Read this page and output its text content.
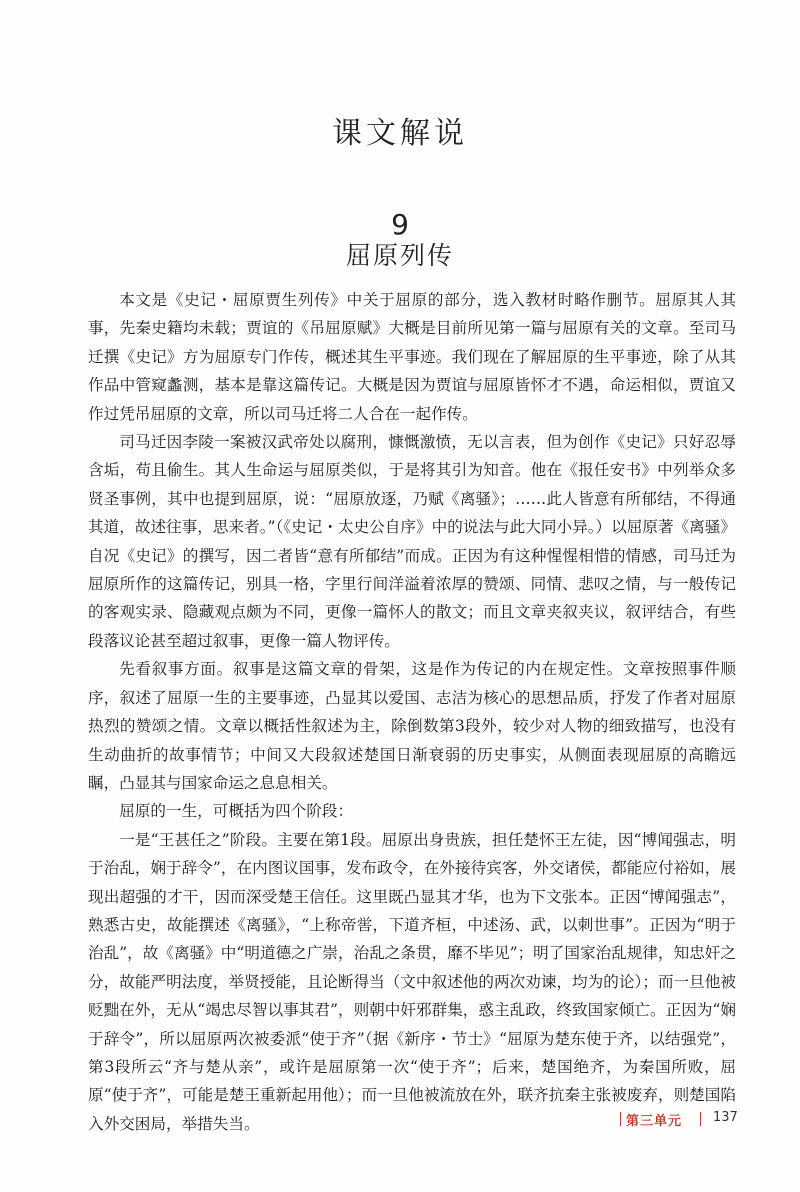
课文解说
9
屈原列传

本文是《史记・屈原贾生列传》中关于屈原的部分，选入教材时略作删节。屈原其人其事，先秦史籍均未载；贾谊的《吊屈原赋》大概是目前所见第一篇与屈原有关的文章。至司马迁撰《史记》方为屈原专门作传，概述其生平事迹。我们现在了解屈原的生平事迹，除了从其作品中管窥蠡测，基本是靠这篇传记。大概是因为贾谊与屈原皆怀才不遇，命运相似，贾谊又作过凭吊屈原的文章，所以司马迁将二人合在一起作传。

司马迁因李陵一案被汉武帝处以腐刑，慷慨激愤，无以言表，但为创作《史记》只好忍辱含垢，苟且偷生。其人生命运与屈原类似，于是将其引为知音。他在《报任安书》中列举众多贤圣事例，其中也提到屈原，说：“屈原放逐，乃赋《离骚》；……此人皆意有所郁结，不得通其道，故述往事，思来者。”（《史记・太史公自序》中的说法与此大同小异。）以屈原著《离骚》自况《史记》的撰写，因二者皆“意有所郁结”而成。正因为有这种惺惺相惜的情感，司马迁为屈原所作的这篇传记，别具一格，字里行间洋溢着浓厚的赞颂、同情、悲叹之情，与一般传记的客观实录、隐藏观点颇为不同，更像一篇怀人的散文；而且文章夹叙夹议，叙评结合，有些段落议论甚至超过叙事，更像一篇人物评传。

先看叙事方面。叙事是这篇文章的骨架，这是作为传记的内在规定性。文章按照事件顺序，叙述了屈原一生的主要事迹，凸显其以爱国、志洁为核心的思想品质，抒发了作者对屈原热烈的赞颂之情。文章以概括性叙述为主，除倒数第3段外，较少对人物的细致描写，也没有生动曲折的故事情节；中间又大段叙述楚国日渐衰弱的历史事实，从侧面表现屈原的高瞻远瞩，凸显其与国家命运之息息相关。

屈原的一生，可概括为四个阶段：

一是“王甚任之”阶段。主要在第1段。屈原出身贵族，担任楚怀王左徒，因“博闻强志，明于治乱，娴于辞令”，在内图议国事，发布政令，在外接待宾客，外交诸侯，都能应付裕如，展现出超强的才干，因而深受楚王信任。这里既凸显其才华，也为下文张本。正因“博闻强志”，熟悉古史，故能撰述《离骚》，“上称帝喾，下道齐桓，中述汤、武，以刺世事”。正因为“明于治乱”，故《离骚》中“明道德之广崇，治乱之条贯，靡不毕见”；明了国家治乱规律，知忠奸之分，故能严明法度，举贤授能，且论断得当（文中叙述他的两次劝谏，均为的论）；而一旦他被贬黜在外，无从“竭忠尽智以事其君”，则朝中奸邪群集，惑主乱政，终致国家倾亡。正因为“娴于辞令”，所以屈原两次被委派“使于齐”（据《新序・节士》“屈原为楚东使于齐，以结强党”，第3段所云“齐与楚从亲”，或许是屈原第一次“使于齐”；后来，楚国绝齐，为秦国所败，屈原“使于齐”，可能是楚王重新起用他）；而一旦他被流放在外，联齐抗秦主张被废弃，则楚国陷入外交困局，举措失当。	第三单元 137
